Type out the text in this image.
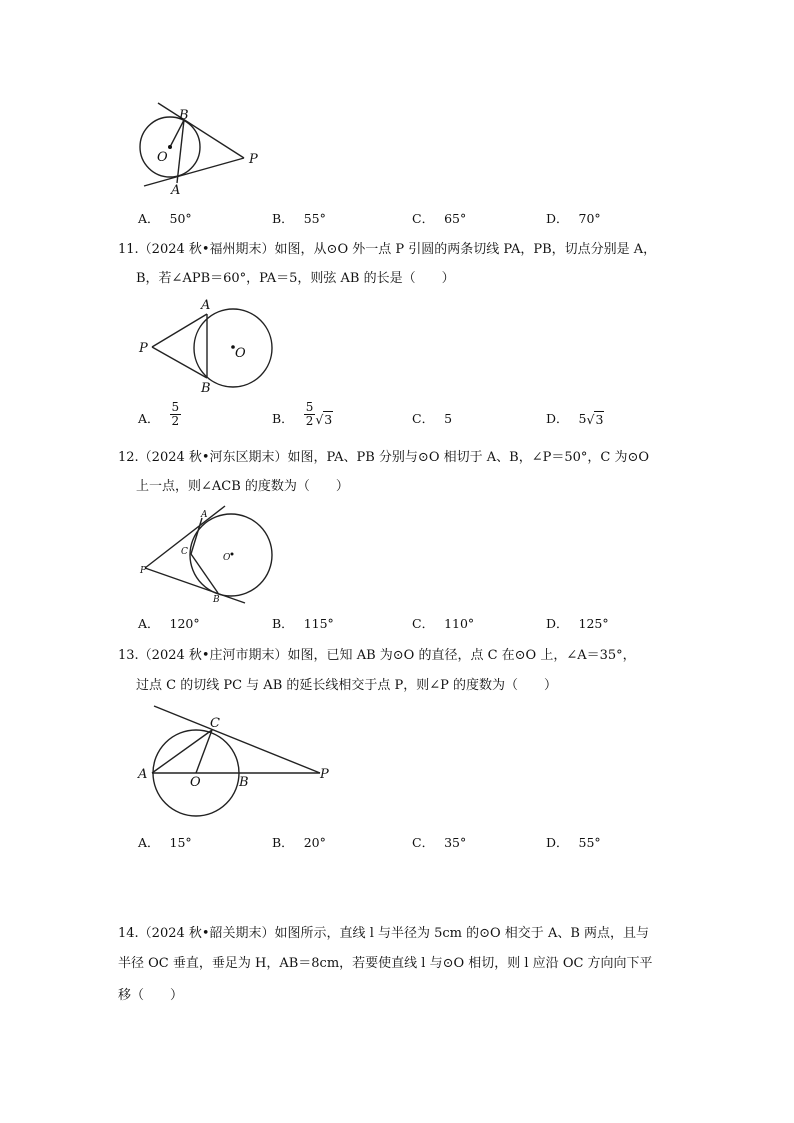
B
O	P
A
A． 50°	B． 55°	C． 65°	D． 70°
11.（2024 秋•福州期末）如图，从⊙O 外一点 P 引圆的两条切线 PA，PB，切点分别是 A，
B，若∠APB＝60°，PA＝5，则弦 AB 的长是（　　）
A
P	O
B
A． $\frac{5}{2}$	B． $\frac{5}{2} √3$	C． 5	D． 5√3
12.（2024 秋•河东区期末）如图，PA、PB 分别与⊙O 相切于 A、B，∠P＝50°，C 为⊙O
上一点，则∠ACB 的度数为（　　）
A
C
O
P
B
A． 120°	B． 115°	C． 110°	D． 125°
13.（2024 秋•庄河市期末）如图，已知 AB 为⊙O 的直径，点 C 在⊙O 上，∠A＝35°，
过点 C 的切线 PC 与 AB 的延长线相交于点 P，则∠P 的度数为（　　）
C
A
O	B
P
A． 15°	B． 20°	C． 35°	D． 55°
14.（2024 秋•韶关期末）如图所示，直线 l 与半径为 5cm 的⊙O 相交于 A、B 两点，且与
半径 OC 垂直，垂足为 H，AB＝8cm，若要使直线 l 与⊙O 相切，则 l 应沿 OC 方向向下平
移（　　）
